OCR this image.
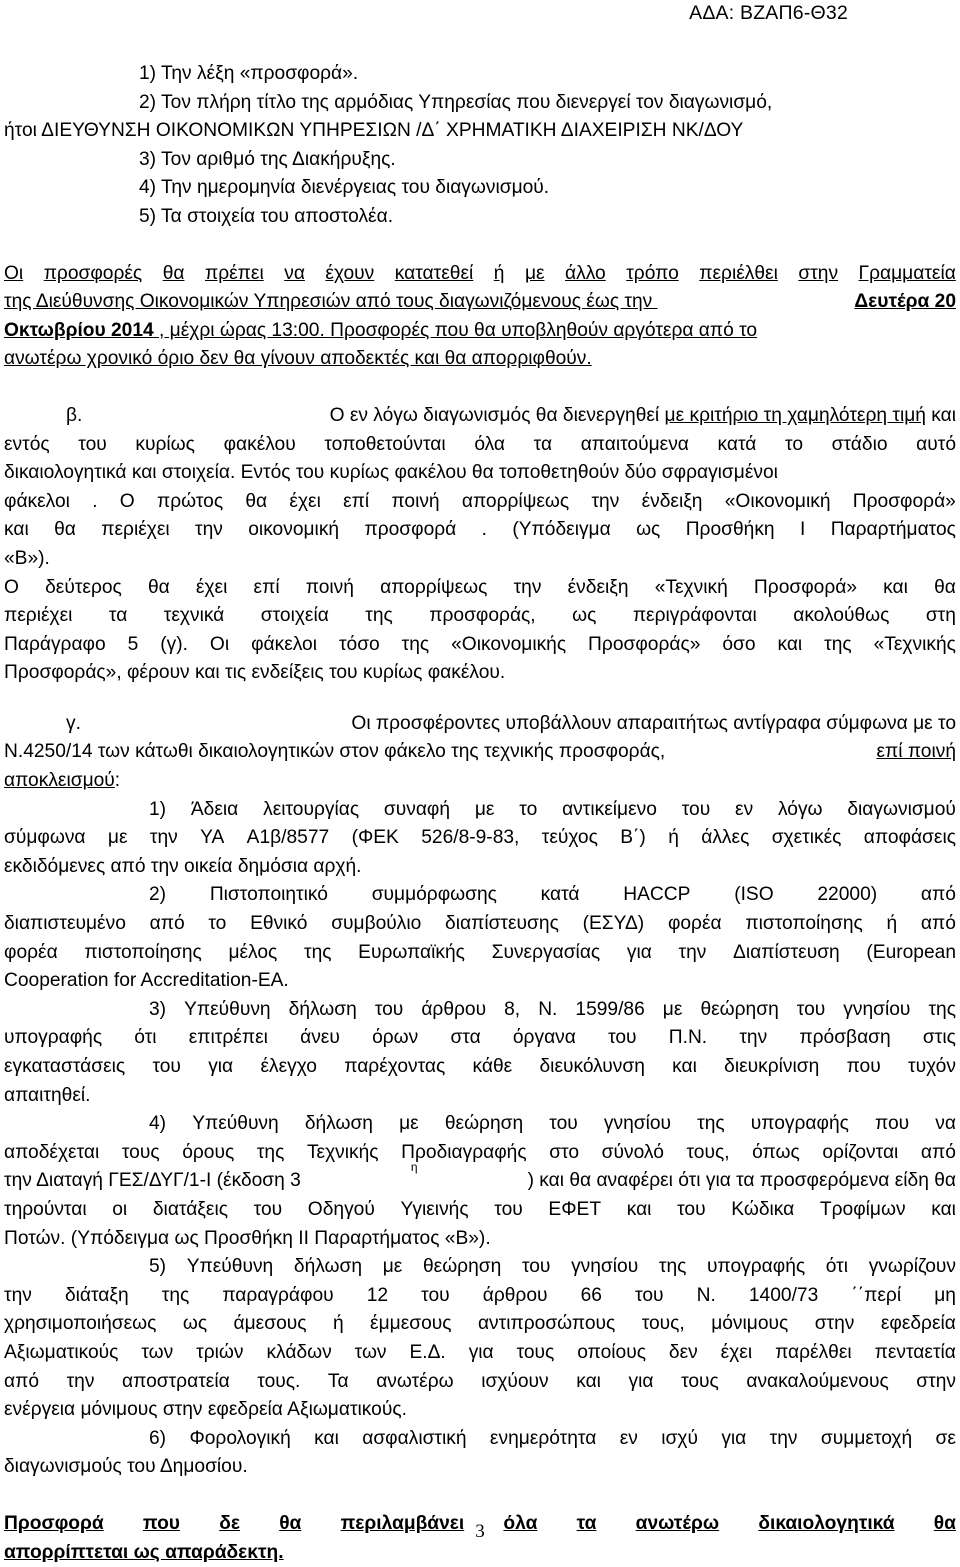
ΑΔΑ: ΒΖΑΠ6-Θ32
1) Την λέξη «προσφορά».
2) Τον πλήρη τίτλο της αρμόδιας Υπηρεσίας που διενεργεί τον διαγωνισμό,
ήτοι ΔΙΕΥΘΥΝΣΗ ΟΙΚΟΝΟΜΙΚΩΝ ΥΠΗΡΕΣΙΩΝ /Δ΄ ΧΡΗΜΑΤΙΚΗ ΔΙΑΧΕΙΡΙΣΗ ΝΚ/ΔΟΥ
3) Τον αριθμό της Διακήρυξης.
4) Την ημερομηνία διενέργειας του διαγωνισμού.
5) Τα στοιχεία του αποστολέα.
Οι προσφορές θα πρέπει να έχουν κατατεθεί ή με άλλο τρόπο περιέλθει στην Γραμματεία
της Διεύθυνσης Οικονομικών Υπηρεσιών από τους διαγωνιζόμενους έως την	Δευτέρα 20
Οκτωβρίου 2014 , μέχρι ώρας 13:00. Προσφορές που θα υποβληθούν αργότερα από το
ανωτέρω χρονικό όριο δεν θα γίνουν αποδεκτές και θα απορριφθούν.
β.	Ο εν λόγω διαγωνισμός θα διενεργηθεί με κριτήριο τη χαμηλότερη τιμή και
εντός του κυρίως φακέλου τοποθετούνται όλα τα απαιτούμενα κατά το στάδιο αυτό
δικαιολογητικά και στοιχεία. Εντός του κυρίως φακέλου θα τοποθετηθούν δύο σφραγισμένοι
φάκελοι . Ο πρώτος θα έχει επί ποινή απορρίψεως την ένδειξη «Οικονομική Προσφορά»
και θα περιέχει την οικονομική προσφορά . (Υπόδειγμα ως Προσθήκη Ι Παραρτήματος
«Β»).
Ο δεύτερος θα έχει επί ποινή απορρίψεως την ένδειξη «Τεχνική Προσφορά» και θα
περιέχει τα τεχνικά στοιχεία της προσφοράς, ως περιγράφονται ακολούθως στη
Παράγραφο 5 (γ). Οι φάκελοι τόσο της «Οικονομικής Προσφοράς» όσο και της «Τεχνικής
Προσφοράς», φέρουν και τις ενδείξεις του κυρίως φακέλου.
γ.	Οι προσφέροντες υποβάλλουν απαραιτήτως αντίγραφα σύμφωνα με το
Ν.4250/14 των κάτωθι δικαιολογητικών στον φάκελο της τεχνικής προσφοράς,	επί ποινή
αποκλεισμού:
1) Άδεια λειτουργίας συναφή με το αντικείμενο του εν λόγω διαγωνισμού
σύμφωνα με την ΥΑ Α1β/8577 (ΦΕΚ 526/8-9-83, τεύχος Β΄) ή άλλες σχετικές αποφάσεις
εκδιδόμενες από την οικεία δημόσια αρχή.
2) Πιστοποιητικό συμμόρφωσης κατά HACCP (ISO 22000) από
διαπιστευμένο από το Εθνικό συμβούλιο διαπίστευσης (ΕΣΥΔ) φορέα πιστοποίησης ή από
φορέα πιστοποίησης μέλος της Ευρωπαϊκής Συνεργασίας για την Διαπίστευση (European
Cooperation for Accreditation-EA.
3) Υπεύθυνη δήλωση του άρθρου 8, Ν. 1599/86 με θεώρηση του γνησίου της
υπογραφής ότι επιτρέπει άνευ όρων στα όργανα του Π.Ν. την πρόσβαση στις
εγκαταστάσεις του για έλεγχο παρέχοντας κάθε διευκόλυνση και διευκρίνιση που τυχόν
απαιτηθεί.
4) Υπεύθυνη δήλωση με θεώρηση του γνησίου της υπογραφής που να
αποδέχεται τους όρους της Τεχνικής Προδιαγραφής στο σύνολό τους, όπως ορίζονται από
την Διαταγή ΓΕΣ/ΔΥΓ/1-Ι (έκδοση 3
η
) και θα αναφέρει ότι για τα προσφερόμενα είδη θα
τηρούνται οι διατάξεις του Οδηγού Υγιεινής του ΕΦΕΤ και του Κώδικα Τροφίμων και
Ποτών. (Υπόδειγμα ως Προσθήκη ΙΙ Παραρτήματος «Β»).
5) Υπεύθυνη δήλωση με θεώρηση του γνησίου της υπογραφής ότι γνωρίζουν
την διάταξη της παραγράφου 12 του άρθρου 66 του Ν. 1400/73 ΄΄περί μη
χρησιμοποιήσεως ως άμεσους ή έμμεσους αντιπροσώπους τους, μόνιμους στην εφεδρεία
Αξιωματικούς των τριών κλάδων των Ε.Δ. για τους οποίους δεν έχει παρέλθει πενταετία
από την αποστρατεία τους. Τα ανωτέρω ισχύουν και για τους ανακαλούμενους στην
ενέργεια μόνιμους στην εφεδρεία Αξιωματικούς.
6) Φορολογική και ασφαλιστική ενημερότητα εν ισχύ για την συμμετοχή σε
διαγωνισμούς του Δημοσίου.
Προσφορά που δε θα περιλαμβάνει όλα τα ανωτέρω δικαιολογητικά θα
απορρίπτεται ως απαράδεκτη.
3
